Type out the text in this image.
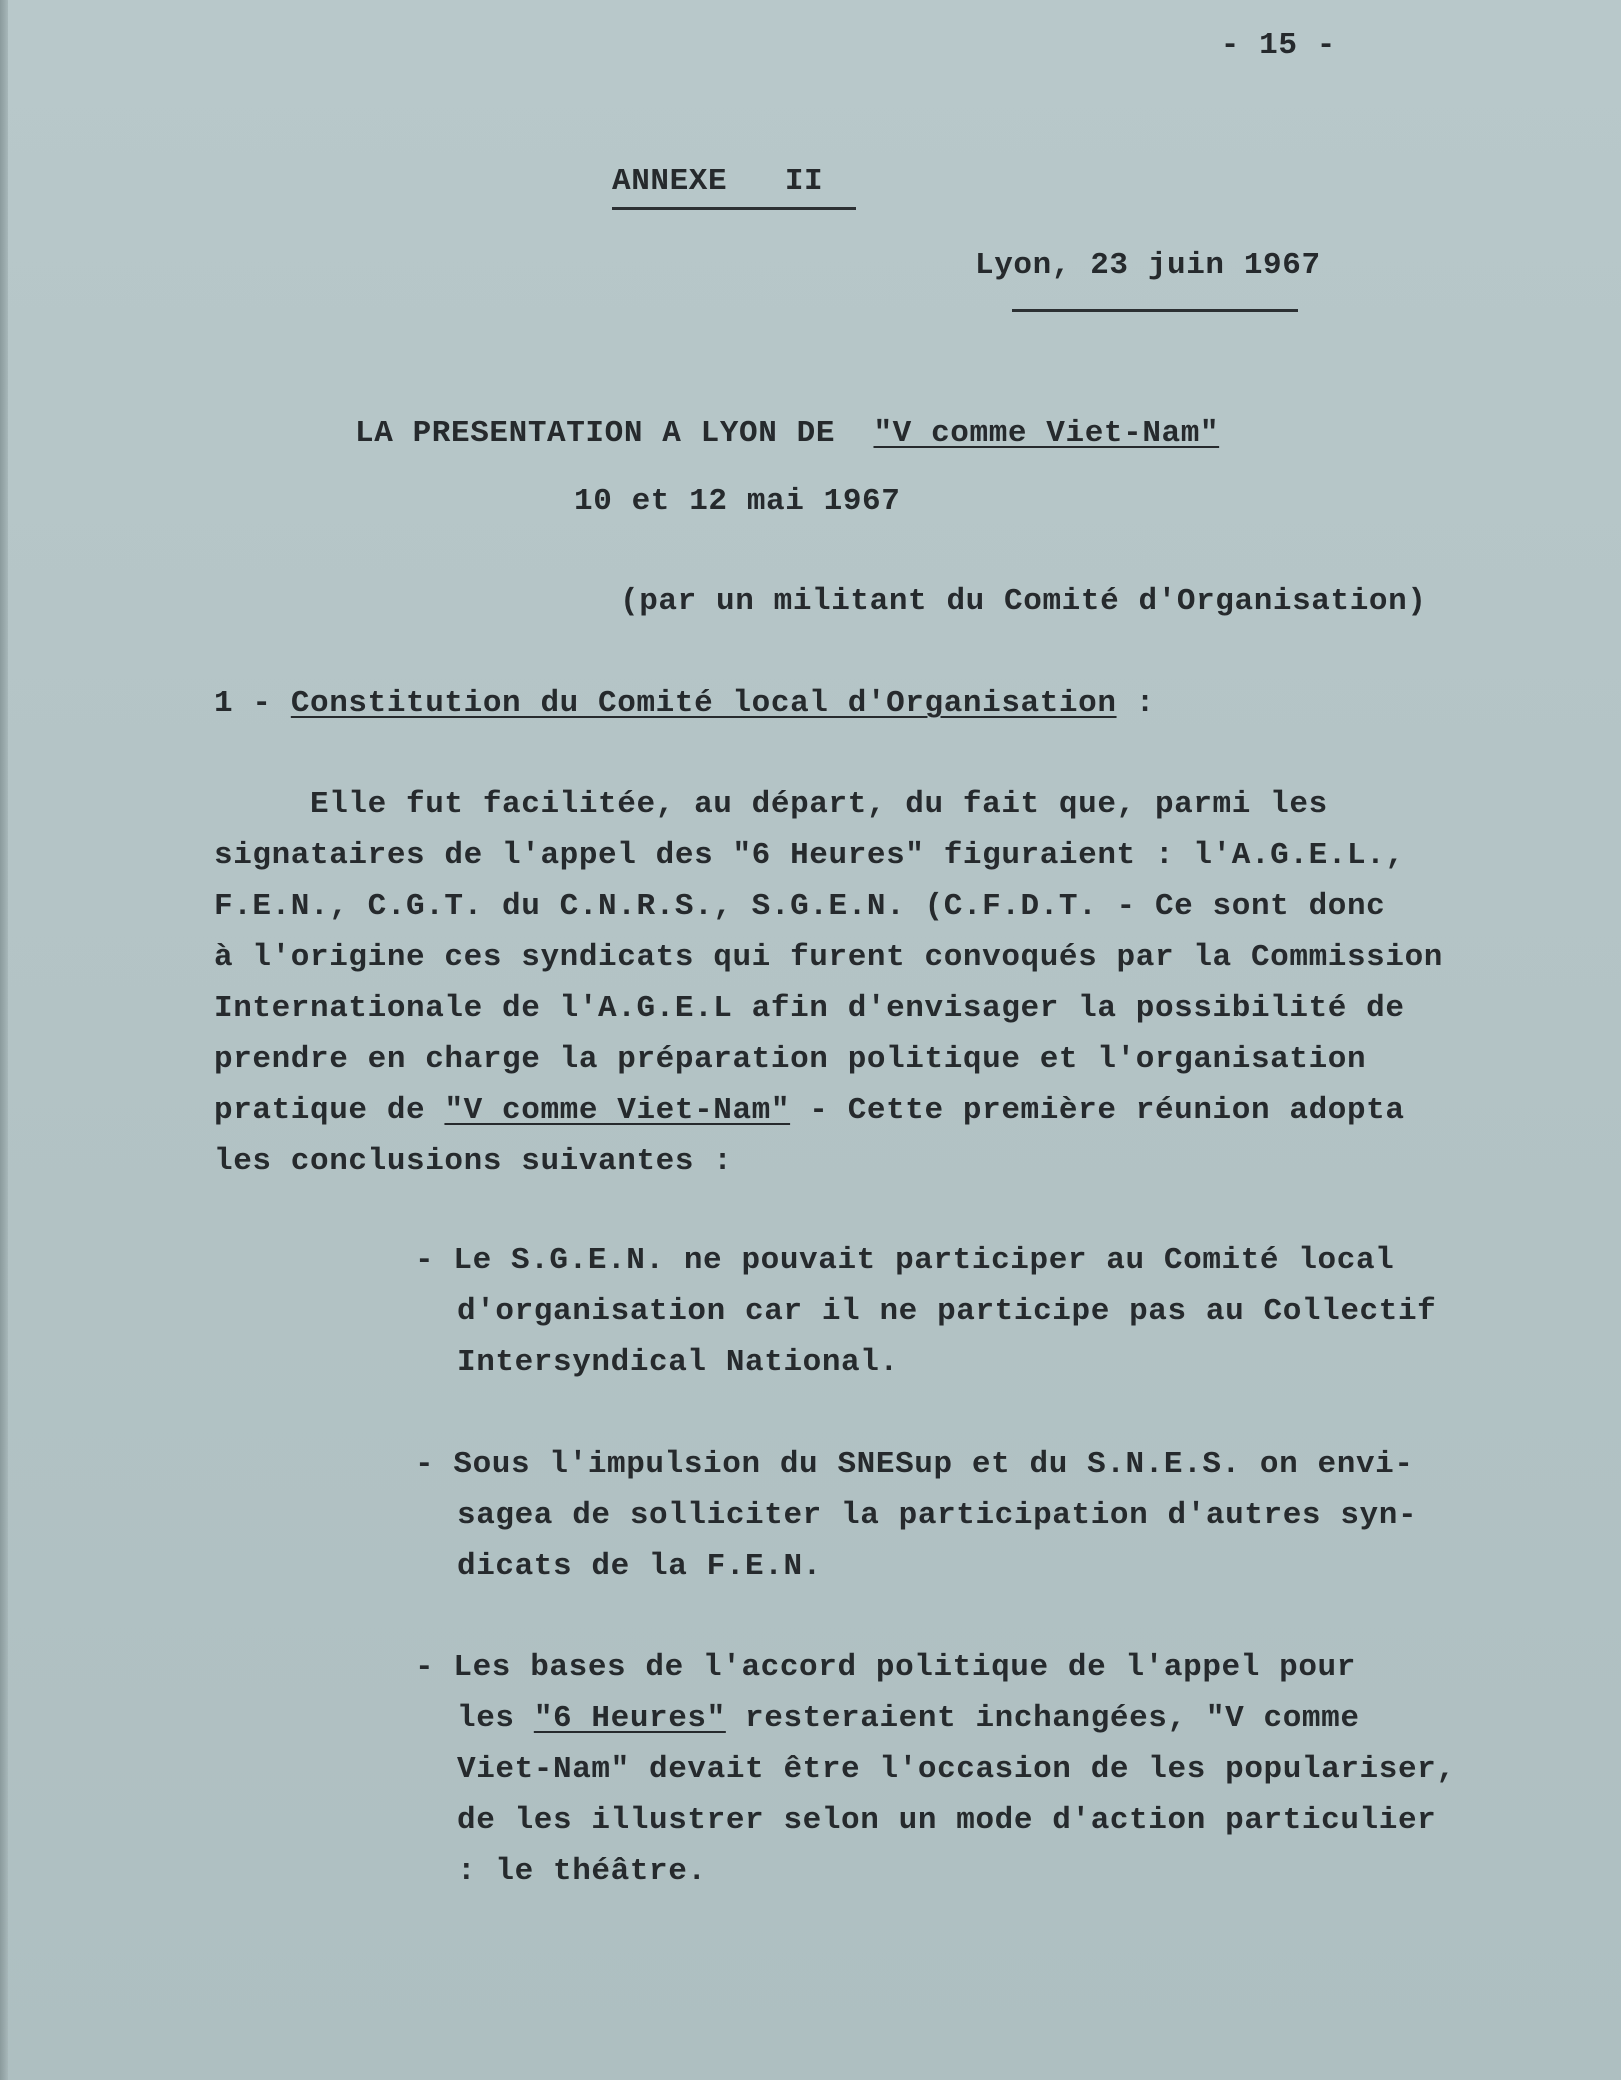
- 15 -
ANNEXE   II
Lyon, 23 juin 1967
LA PRESENTATION A LYON DE  "V comme Viet-Nam"
10 et 12 mai 1967
(par un militant du Comité d'Organisation)
1 - Constitution du Comité local d'Organisation :
Elle fut facilitée, au départ, du fait que, parmi les
signataires de l'appel des "6 Heures" figuraient : l'A.G.E.L.,
F.E.N., C.G.T. du C.N.R.S., S.G.E.N. (C.F.D.T. - Ce sont donc
à l'origine ces syndicats qui furent convoqués par la Commission
Internationale de l'A.G.E.L afin d'envisager la possibilité de
prendre en charge la préparation politique et l'organisation
pratique de "V comme Viet-Nam" - Cette première réunion adopta
les conclusions suivantes :
- Le S.G.E.N. ne pouvait participer au Comité local
d'organisation car il ne participe pas au Collectif
Intersyndical National.
- Sous l'impulsion du SNESup et du S.N.E.S. on envi-
sagea de solliciter la participation d'autres syn-
dicats de la F.E.N.
- Les bases de l'accord politique de l'appel pour
les "6 Heures" resteraient inchangées, "V comme
Viet-Nam" devait être l'occasion de les populariser,
de les illustrer selon un mode d'action particulier
: le théâtre.
